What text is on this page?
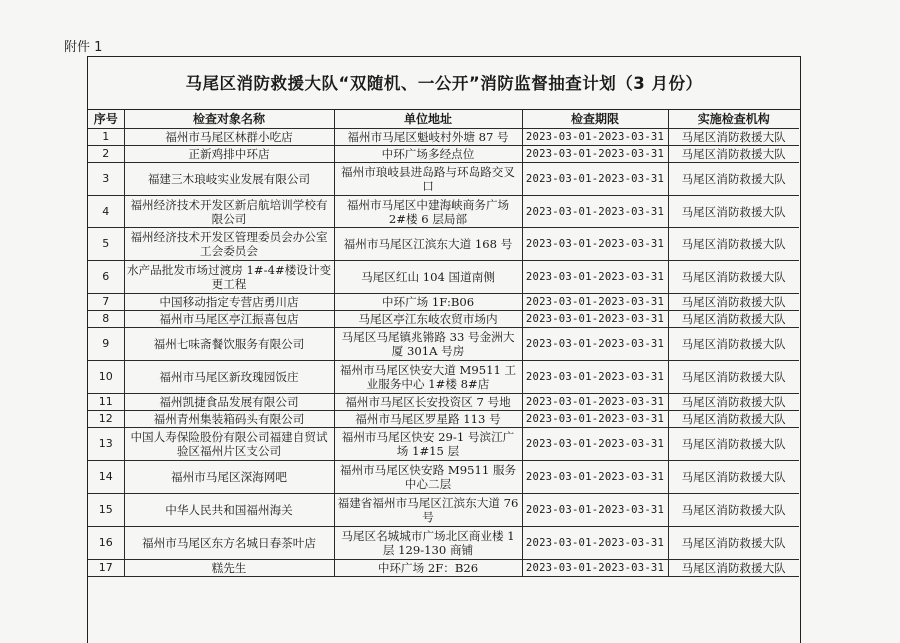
附件 1
马尾区消防救援大队“双随机、一公开”消防监督抽查计划（3 月份）
序号	检查对象名称	单位地址	检查期限	实施检查机构
1	福州市马尾区林群小吃店	福州市马尾区魁岐村外塘 87 号	2023-03-01-2023-03-31	马尾区消防救援大队
2	正新鸡排中环店	中环广场多经点位	2023-03-01-2023-03-31	马尾区消防救援大队
3	福建三木琅岐实业发展有限公司	福州市琅岐县进岛路与环岛路交叉口	2023-03-01-2023-03-31	马尾区消防救援大队
4	福州经济技术开发区新启航培训学校有限公司	福州市马尾区中建海峡商务广场 2#楼 6 层局部	2023-03-01-2023-03-31	马尾区消防救援大队
5	福州经济技术开发区管理委员会办公室工会委员会	福州市马尾区江滨东大道 168 号	2023-03-01-2023-03-31	马尾区消防救援大队
6	水产品批发市场过渡房 1#-4#楼设计变更工程	马尾区红山 104 国道南侧	2023-03-01-2023-03-31	马尾区消防救援大队
7	中国移动指定专营店勇川店	中环广场 1F:B06	2023-03-01-2023-03-31	马尾区消防救援大队
8	福州市马尾区亭江振喜包店	马尾区亭江东岐农贸市场内	2023-03-01-2023-03-31	马尾区消防救援大队
9	福州七味斋餐饮服务有限公司	马尾区马尾镇兆锵路 33 号金洲大厦 301A 号房	2023-03-01-2023-03-31	马尾区消防救援大队
10	福州市马尾区新玫瑰园饭庄	福州市马尾区快安大道 M9511 工业服务中心 1#楼 8#店	2023-03-01-2023-03-31	马尾区消防救援大队
11	福州凯捷食品发展有限公司	福州市马尾区长安投资区 7 号地	2023-03-01-2023-03-31	马尾区消防救援大队
12	福州青州集装箱码头有限公司	福州市马尾区罗星路 113 号	2023-03-01-2023-03-31	马尾区消防救援大队
13	中国人寿保险股份有限公司福建自贸试验区福州片区支公司	福州市马尾区快安 29-1 号滨江广场 1#15 层	2023-03-01-2023-03-31	马尾区消防救援大队
14	福州市马尾区深海网吧	福州市马尾区快安路 M9511 服务中心二层	2023-03-01-2023-03-31	马尾区消防救援大队
15	中华人民共和国福州海关	福建省福州市马尾区江滨东大道 76 号	2023-03-01-2023-03-31	马尾区消防救援大队
16	福州市马尾区东方名城日春茶叶店	马尾区名城城市广场北区商业楼 1 层 129-130 商铺	2023-03-01-2023-03-31	马尾区消防救援大队
17	糕先生	中环广场 2F：B26	2023-03-01-2023-03-31	马尾区消防救援大队
